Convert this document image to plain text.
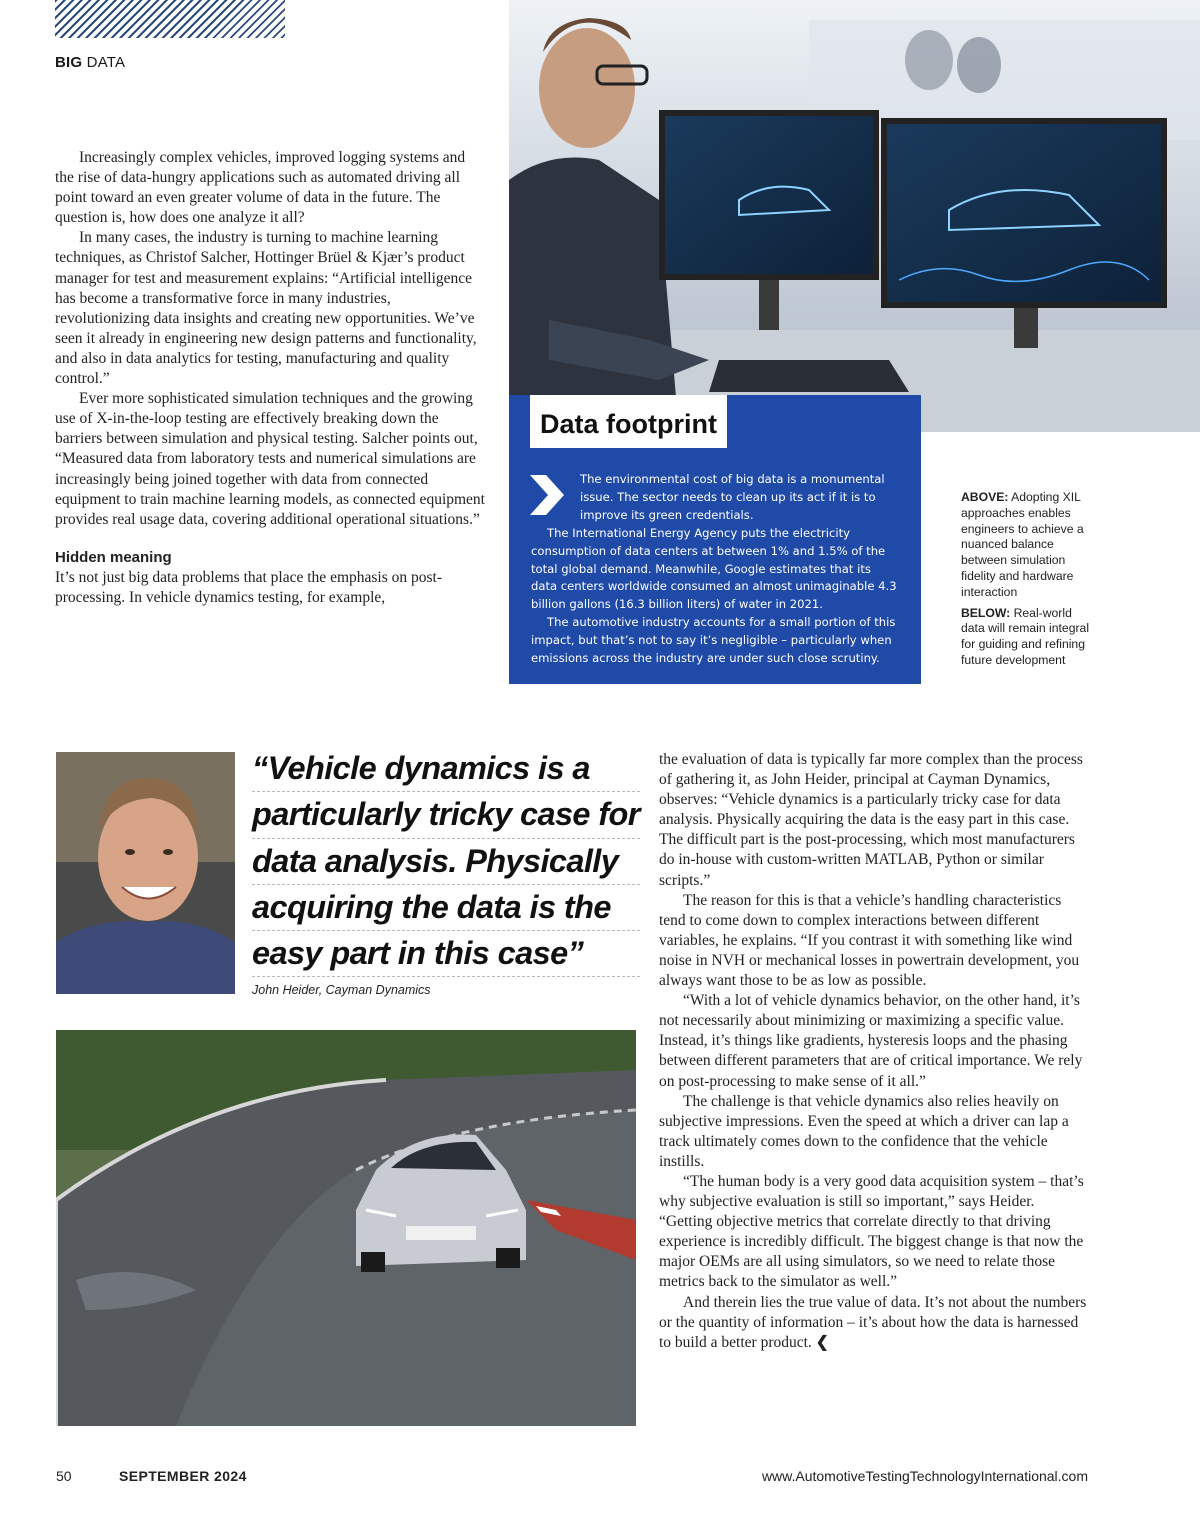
BIG DATA

Increasingly complex vehicles, improved logging systems and the rise of data-hungry applications such as automated driving all point toward an even greater volume of data in the future. The question is, how does one analyze it all?

In many cases, the industry is turning to machine learning techniques, as Christof Salcher, Hottinger Brüel & Kjær’s product manager for test and measurement explains: “Artificial intelligence has become a transformative force in many industries, revolutionizing data insights and creating new opportunities. We’ve seen it already in engineering new design patterns and functionality, and also in data analytics for testing, manufacturing and quality control.”

Ever more sophisticated simulation techniques and the growing use of X-in-the-loop testing are effectively breaking down the barriers between simulation and physical testing. Salcher points out, “Measured data from laboratory tests and numerical simulations are increasingly being joined together with data from connected equipment to train machine learning models, as connected equipment provides real usage data, covering additional operational situations.”

Hidden meaning

It’s not just big data problems that place the emphasis on post-processing. In vehicle dynamics testing, for example,

Data footprint

The environmental cost of big data is a monumental issue. The sector needs to clean up its act if it is to improve its green credentials.

The International Energy Agency puts the electricity consumption of data centers at between 1% and 1.5% of the total global demand. Meanwhile, Google estimates that its data centers worldwide consumed an almost unimaginable 4.3 billion gallons (16.3 billion liters) of water in 2021.

The automotive industry accounts for a small portion of this impact, but that’s not to say it’s negligible – particularly when emissions across the industry are under such close scrutiny.

ABOVE: Adopting XIL approaches enables engineers to achieve a nuanced balance between simulation fidelity and hardware interaction

BELOW: Real-world data will remain integral for guiding and refining future development

“Vehicle dynamics is a
particularly tricky case for
data analysis. Physically
acquiring the data is the
easy part in this case”
John Heider, Cayman Dynamics

the evaluation of data is typically far more complex than the process of gathering it, as John Heider, principal at Cayman Dynamics, observes: “Vehicle dynamics is a particularly tricky case for data analysis. Physically acquiring the data is the easy part in this case. The difficult part is the post-processing, which most manufacturers do in-house with custom-written MATLAB, Python or similar scripts.”

The reason for this is that a vehicle’s handling characteristics tend to come down to complex interactions between different variables, he explains. “If you contrast it with something like wind noise in NVH or mechanical losses in powertrain development, you always want those to be as low as possible.

“With a lot of vehicle dynamics behavior, on the other hand, it’s not necessarily about minimizing or maximizing a specific value. Instead, it’s things like gradients, hysteresis loops and the phasing between different parameters that are of critical importance. We rely on post-processing to make sense of it all.”

The challenge is that vehicle dynamics also relies heavily on subjective impressions. Even the speed at which a driver can lap a track ultimately comes down to the confidence that the vehicle instills.

“The human body is a very good data acquisition system – that’s why subjective evaluation is still so important,” says Heider. “Getting objective metrics that correlate directly to that driving experience is incredibly difficult. The biggest change is that now the major OEMs are all using simulators, so we need to relate those metrics back to the simulator as well.”

And therein lies the true value of data. It’s not about the numbers or the quantity of information – it’s about how the data is harnessed to build a better product. ❮

50	SEPTEMBER 2024	www.AutomotiveTestingTechnologyInternational.com
